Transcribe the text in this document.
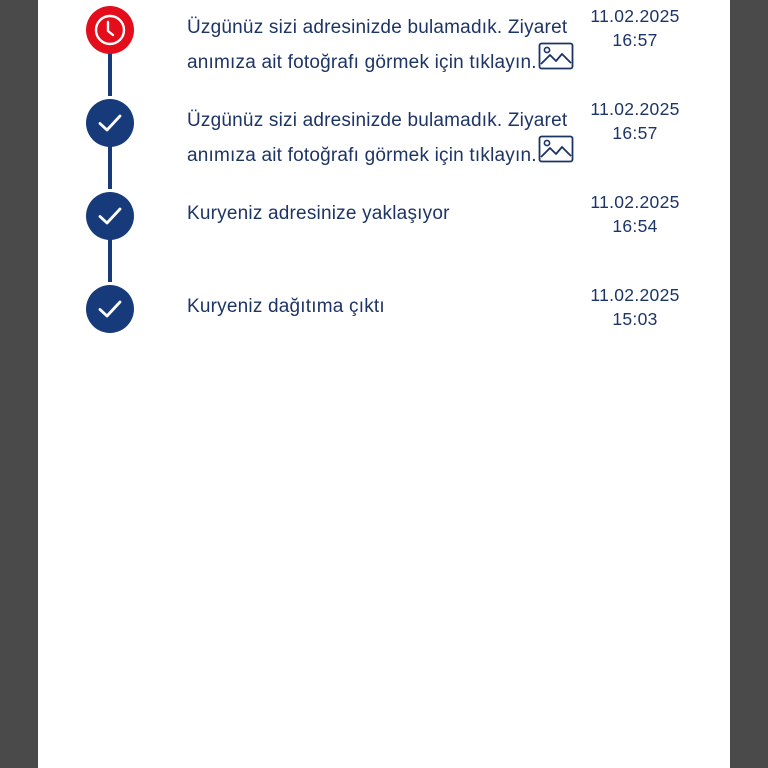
Üzgünüz sizi adresinizde bulamadık. Ziyaret anımıza ait fotoğrafı görmek için tıklayın.
11.02.2025
16:57
Üzgünüz sizi adresinizde bulamadık. Ziyaret anımıza ait fotoğrafı görmek için tıklayın.
11.02.2025
16:57
Kuryeniz adresinize yaklaşıyor
11.02.2025
16:54
Kuryeniz dağıtıma çıktı
11.02.2025
15:03
